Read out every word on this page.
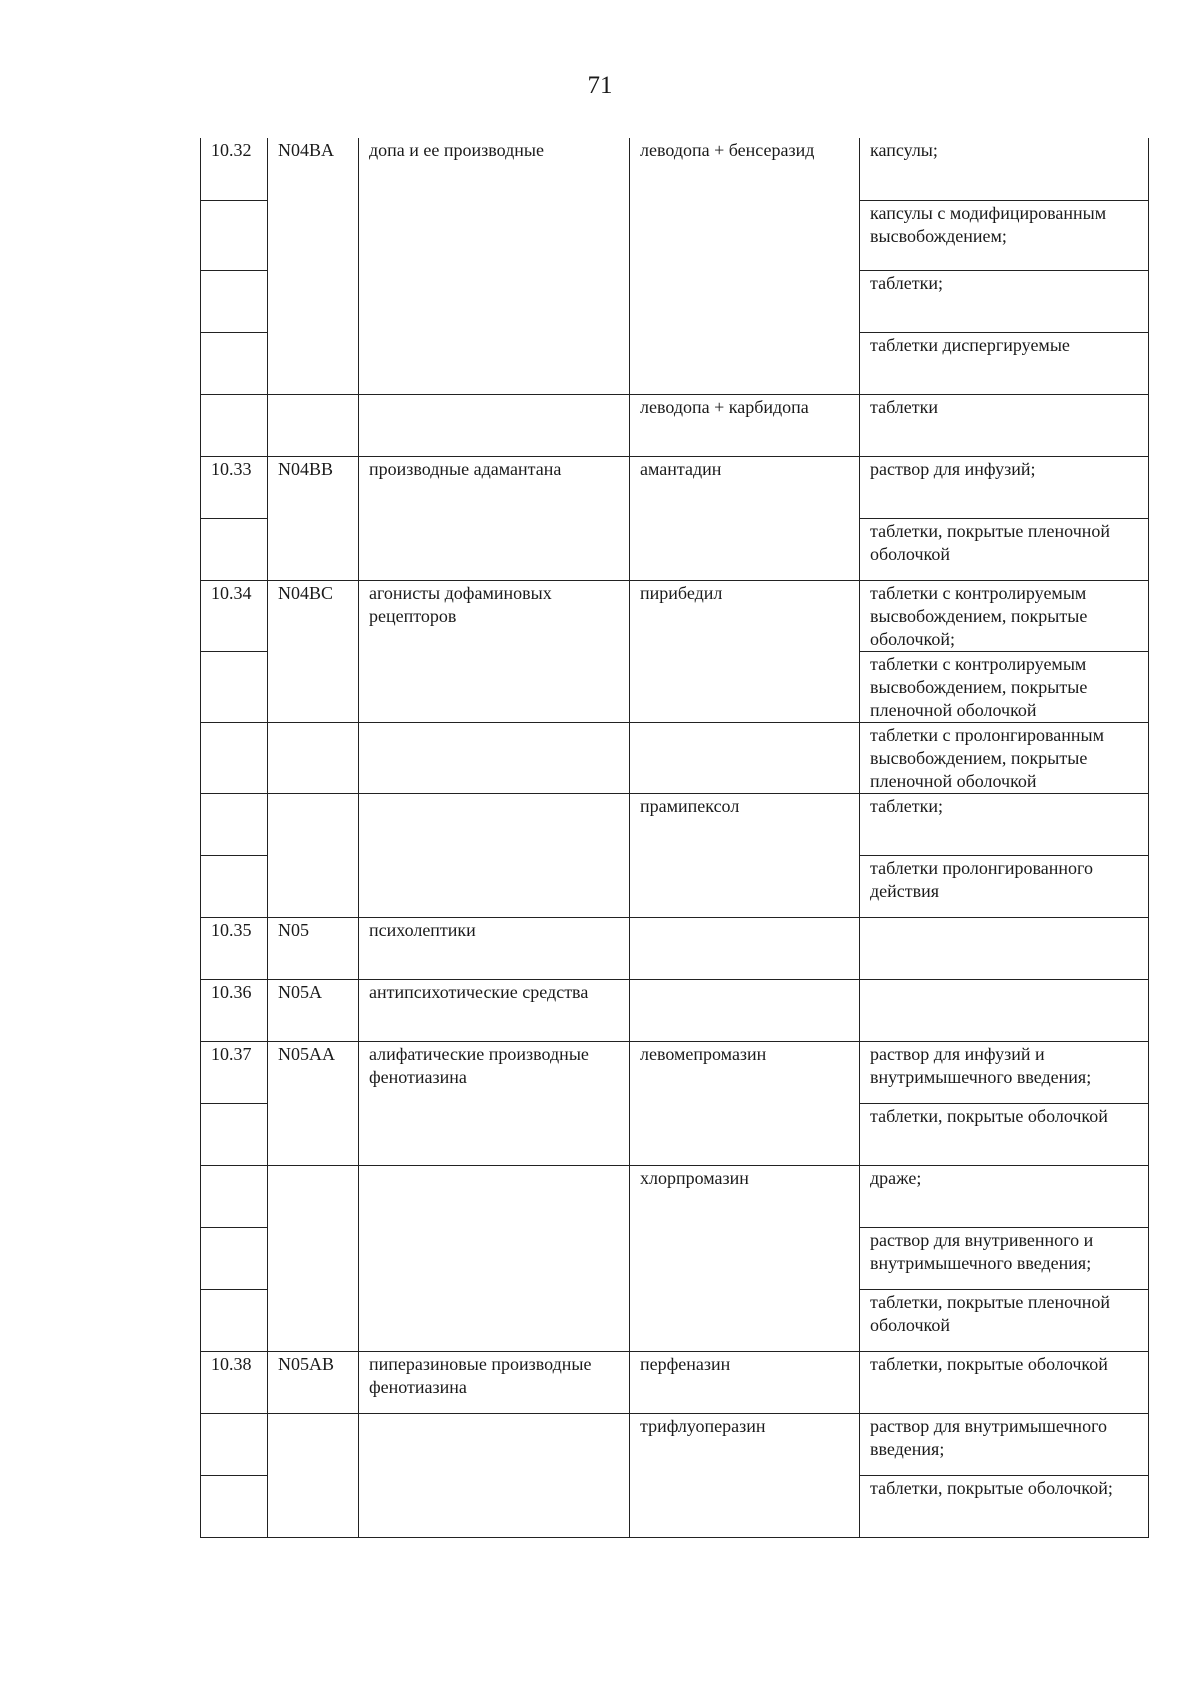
71
10.32	N04BA	допа и ее производные	леводопа + бенсеразид	капсулы;
				капсулы с модифицированным высвобождением;
				таблетки;
				таблетки диспергируемые
			леводопа + карбидопа	таблетки
10.33	N04BB	производные адамантана	амантадин	раствор для инфузий;
				таблетки, покрытые пленочной оболочкой
10.34	N04BC	агонисты дофаминовых рецепторов	пирибедил	таблетки с контролируемым высвобождением, покрытые оболочкой;
				таблетки с контролируемым высвобождением, покрытые пленочной оболочкой
				таблетки с пролонгированным высвобождением, покрытые пленочной оболочкой
			прамипексол	таблетки;
				таблетки пролонгированного действия
10.35	N05	психолептики		
10.36	N05A	антипсихотические средства		
10.37	N05AA	алифатические производные фенотиазина	левомепромазин	раствор для инфузий и внутримышечного введения;
				таблетки, покрытые оболочкой
			хлорпромазин	драже;
				раствор для внутривенного и внутримышечного введения;
				таблетки, покрытые пленочной оболочкой
10.38	N05AB	пиперазиновые производные фенотиазина	перфеназин	таблетки, покрытые оболочкой
			трифлуоперазин	раствор для внутримышечного введения;
				таблетки, покрытые оболочкой;
